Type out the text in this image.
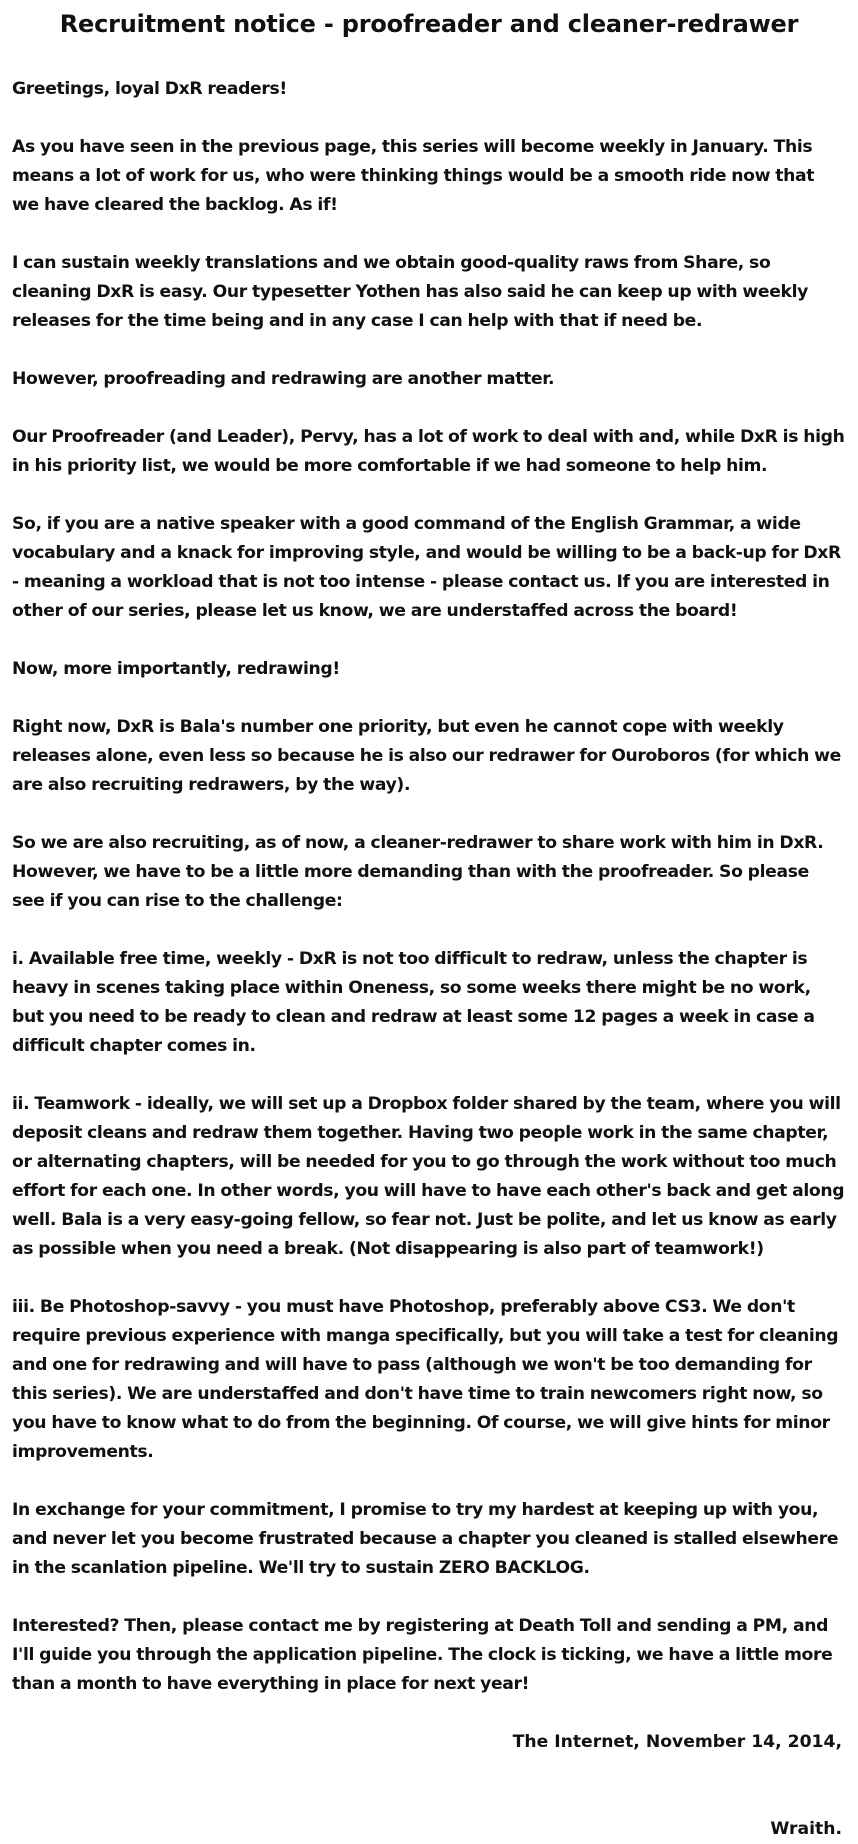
Recruitment notice - proofreader and cleaner-redrawer

Greetings, loyal DxR readers!

As you have seen in the previous page, this series will become weekly in January. This means a lot of work for us, who were thinking things would be a smooth ride now that we have cleared the backlog. As if!

I can sustain weekly translations and we obtain good-quality raws from Share, so cleaning DxR is easy. Our typesetter Yothen has also said he can keep up with weekly releases for the time being and in any case I can help with that if need be.

However, proofreading and redrawing are another matter.

Our Proofreader (and Leader), Pervy, has a lot of work to deal with and, while DxR is high in his priority list, we would be more comfortable if we had someone to help him.

So, if you are a native speaker with a good command of the English Grammar, a wide vocabulary and a knack for improving style, and would be willing to be a back-up for DxR - meaning a workload that is not too intense - please contact us. If you are interested in other of our series, please let us know, we are understaffed across the board!

Now, more importantly, redrawing!

Right now, DxR is Bala's number one priority, but even he cannot cope with weekly releases alone, even less so because he is also our redrawer for Ouroboros (for which we are also recruiting redrawers, by the way).

So we are also recruiting, as of now, a cleaner-redrawer to share work with him in DxR. However, we have to be a little more demanding than with the proofreader. So please see if you can rise to the challenge:

i. Available free time, weekly - DxR is not too difficult to redraw, unless the chapter is heavy in scenes taking place within Oneness, so some weeks there might be no work, but you need to be ready to clean and redraw at least some 12 pages a week in case a difficult chapter comes in.

ii. Teamwork - ideally, we will set up a Dropbox folder shared by the team, where you will deposit cleans and redraw them together. Having two people work in the same chapter, or alternating chapters, will be needed for you to go through the work without too much effort for each one. In other words, you will have to have each other's back and get along well. Bala is a very easy-going fellow, so fear not. Just be polite, and let us know as early as possible when you need a break. (Not disappearing is also part of teamwork!)

iii. Be Photoshop-savvy - you must have Photoshop, preferably above CS3. We don't require previous experience with manga specifically, but you will take a test for cleaning and one for redrawing and will have to pass (although we won't be too demanding for this series). We are understaffed and don't have time to train newcomers right now, so you have to know what to do from the beginning. Of course, we will give hints for minor improvements.

In exchange for your commitment, I promise to try my hardest at keeping up with you, and never let you become frustrated because a chapter you cleaned is stalled elsewhere in the scanlation pipeline. We'll try to sustain ZERO BACKLOG.

Interested? Then, please contact me by registering at Death Toll and sending a PM, and I'll guide you through the application pipeline. The clock is ticking, we have a little more than a month to have everything in place for next year!

The Internet, November 14, 2014,

Wraith.
